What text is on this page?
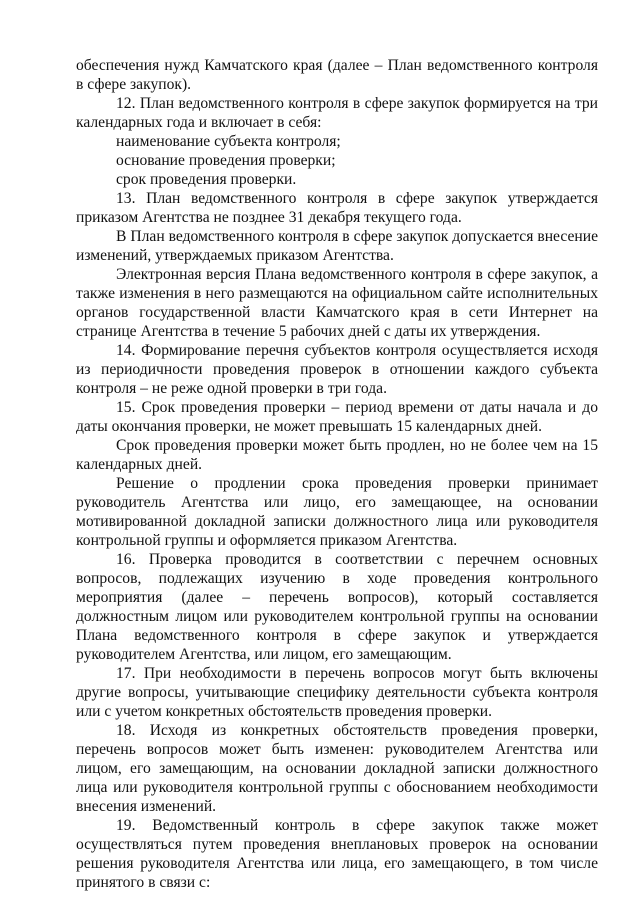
обеспечения нужд Камчатского края (далее – План ведомственного контроля в сфере закупок).

12. План ведомственного контроля в сфере закупок формируется на три календарных года и включает в себя:

наименование субъекта контроля;

основание проведения проверки;

срок проведения проверки.

13. План ведомственного контроля в сфере закупок утверждается приказом Агентства не позднее 31 декабря текущего года.

В План ведомственного контроля в сфере закупок допускается внесение изменений, утверждаемых приказом Агентства.

Электронная версия Плана ведомственного контроля в сфере закупок, а также изменения в него размещаются на официальном сайте исполнительных органов государственной власти Камчатского края в сети Интернет на странице Агентства в течение 5 рабочих дней с даты их утверждения.

14. Формирование перечня субъектов контроля осуществляется исходя из периодичности проведения проверок в отношении каждого субъекта контроля – не реже одной проверки в три года.

15. Срок проведения проверки – период времени от даты начала и до даты окончания проверки, не может превышать 15 календарных дней.

Срок проведения проверки может быть продлен, но не более чем на 15 календарных дней.

Решение о продлении срока проведения проверки принимает руководитель Агентства или лицо, его замещающее, на основании мотивированной докладной записки должностного лица или руководителя контрольной группы и оформляется приказом Агентства.

16. Проверка проводится в соответствии с перечнем основных вопросов, подлежащих изучению в ходе проведения контрольного мероприятия (далее – перечень вопросов), который составляется должностным лицом или руководителем контрольной группы на основании Плана ведомственного контроля в сфере закупок и утверждается руководителем Агентства, или лицом, его замещающим.

17. При необходимости в перечень вопросов могут быть включены другие вопросы, учитывающие специфику деятельности субъекта контроля или с учетом конкретных обстоятельств проведения проверки.

18. Исходя из конкретных обстоятельств проведения проверки, перечень вопросов может быть изменен: руководителем Агентства или лицом, его замещающим, на основании докладной записки должностного лица или руководителя контрольной группы с обоснованием необходимости внесения изменений.

19. Ведомственный контроль в сфере закупок также может осуществляться путем проведения внеплановых проверок на основании решения руководителя Агентства или лица, его замещающего, в том числе принятого в связи с:
